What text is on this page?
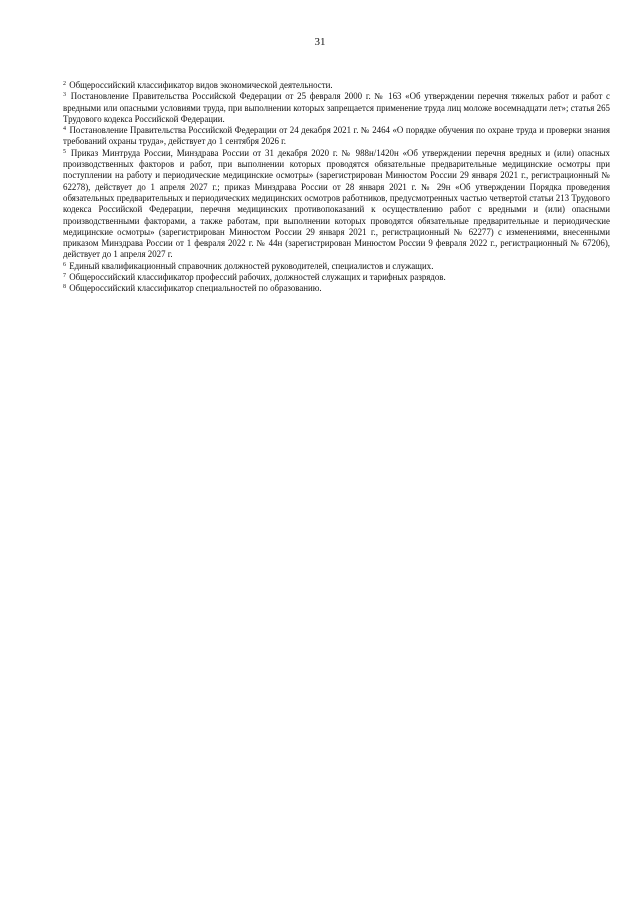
31

$^2$ Общероссийский классификатор видов экономической деятельности.

$^3$ Постановление Правительства Российской Федерации от 25 февраля 2000 г. № 163 «Об утверждении перечня тяжелых работ и работ с вредными или опасными условиями труда, при выполнении которых запрещается применение труда лиц моложе восемнадцати лет»; статья 265 Трудового кодекса Российской Федерации.

$^4$ Постановление Правительства Российской Федерации от 24 декабря 2021 г. № 2464 «О порядке обучения по охране труда и проверки знания требований охраны труда», действует до 1 сентября 2026 г.

$^5$ Приказ Минтруда России, Минздрава России от 31 декабря 2020 г. № 988н/1420н «Об утверждении перечня вредных и (или) опасных производственных факторов и работ, при выполнении которых проводятся обязательные предварительные медицинские осмотры при поступлении на работу и периодические медицинские осмотры» (зарегистрирован Минюстом России 29 января 2021 г., регистрационный № 62278), действует до 1 апреля 2027 г.; приказ Минздрава России от 28 января 2021 г. № 29н «Об утверждении Порядка проведения обязательных предварительных и периодических медицинских осмотров работников, предусмотренных частью четвертой статьи 213 Трудового кодекса Российской Федерации, перечня медицинских противопоказаний к осуществлению работ с вредными и (или) опасными производственными факторами, а также работам, при выполнении которых проводятся обязательные предварительные и периодические медицинские осмотры» (зарегистрирован Минюстом России 29 января 2021 г., регистрационный № 62277) с изменениями, внесенными приказом Минздрава России от 1 февраля 2022 г. № 44н (зарегистрирован Минюстом России 9 февраля 2022 г., регистрационный № 67206), действует до 1 апреля 2027 г.

$^6$ Единый квалификационный справочник должностей руководителей, специалистов и служащих.

$^7$ Общероссийский классификатор профессий рабочих, должностей служащих и тарифных разрядов.

$^8$ Общероссийский классификатор специальностей по образованию.
